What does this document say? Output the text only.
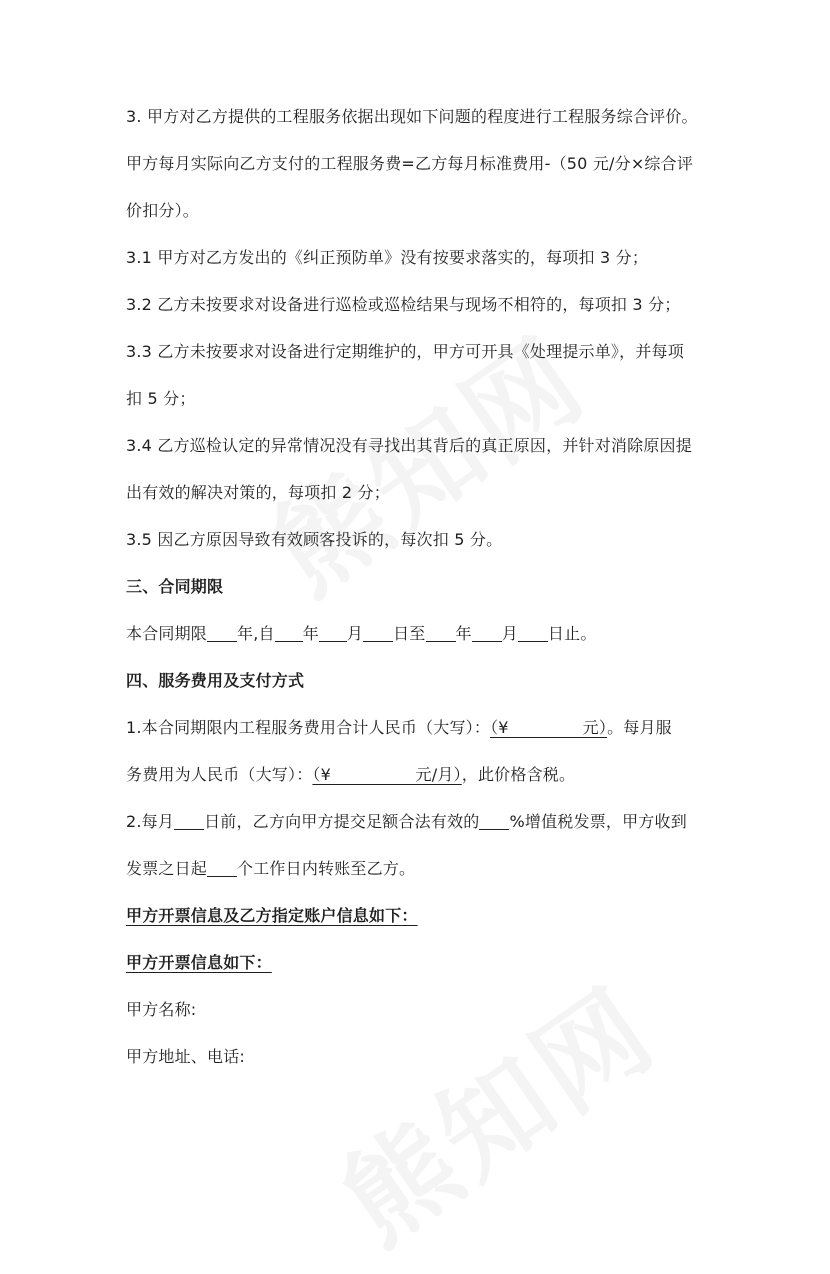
3. 甲方对乙方提供的工程服务依据出现如下问题的程度进行工程服务综合评价。

甲方每月实际向乙方支付的工程服务费=乙方每月标准费用-（50 元/分×综合评

价扣分）。

3.1 甲方对乙方发出的《纠正预防单》没有按要求落实的，每项扣 3 分；

3.2 乙方未按要求对设备进行巡检或巡检结果与现场不相符的，每项扣 3 分；

3.3 乙方未按要求对设备进行定期维护的，甲方可开具《处理提示单》，并每项

扣 5 分；

3.4 乙方巡检认定的异常情况没有寻找出其背后的真正原因，并针对消除原因提

出有效的解决对策的，每项扣 2 分；

3.5 因乙方原因导致有效顾客投诉的，每次扣 5 分。

三、合同期限

本合同期限 年,自 年 月 日至 年 月 日止。

四、服务费用及支付方式

1.本合同期限内工程服务费用合计人民币（大写）：（¥              元）。每月服

务费用为人民币（大写）：（¥                元/月），此价格含税。

2.每月 日前，乙方向甲方提交足额合法有效的 %增值税发票，甲方收到

发票之日起 个工作日内转账至乙方。

甲方开票信息及乙方指定账户信息如下：

甲方开票信息如下：

甲方名称:

甲方地址、电话:
